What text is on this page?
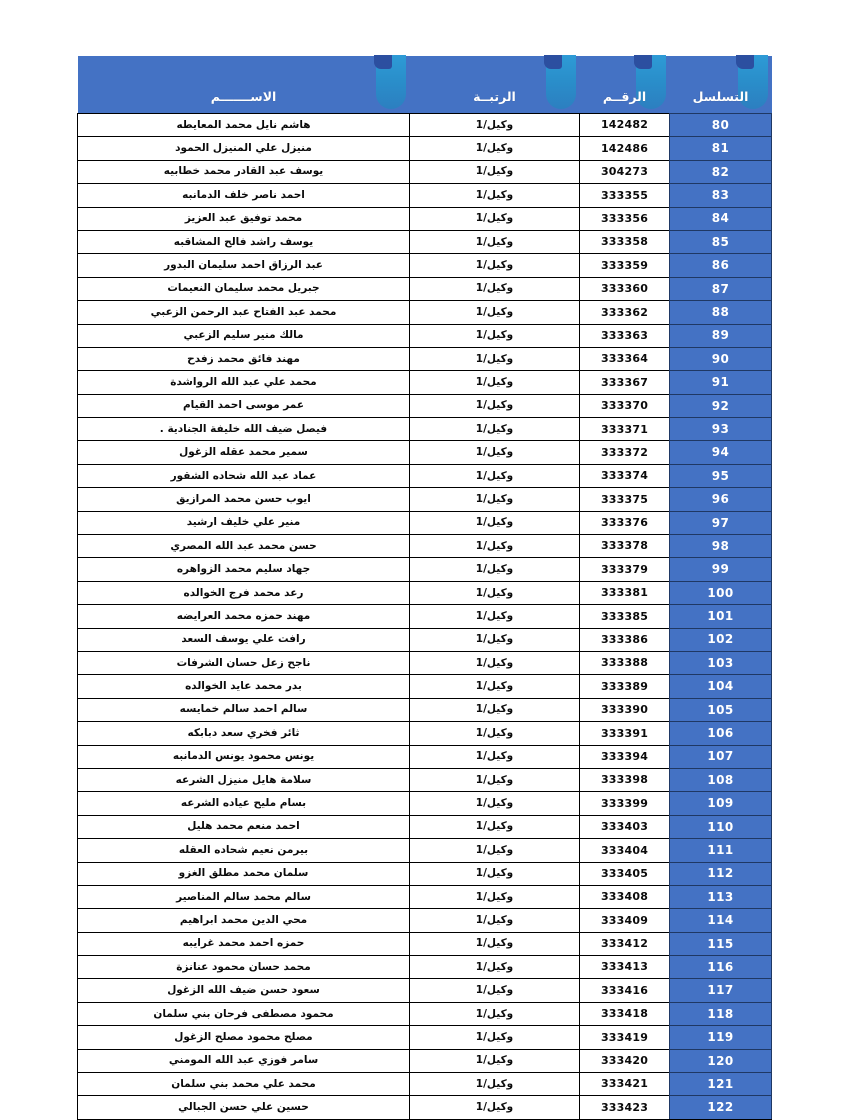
التسلسل	الرقــم	الرتبــة	الاســـــــم

80	142482	وكيل/1	هاشم نايل محمد المعايطه
81	142486	وكيل/1	منيزل علي المنيزل الحمود
82	304273	وكيل/1	يوسف عبد القادر محمد خطابيه
83	333355	وكيل/1	احمد ناصر خلف الدمانبه
84	333356	وكيل/1	محمد توفيق عبد العزيز
85	333358	وكيل/1	يوسف راشد فالح المشاقبه
86	333359	وكيل/1	عبد الرزاق احمد سليمان البدور
87	333360	وكيل/1	جبريل محمد سليمان النعيمات
88	333362	وكيل/1	محمد عبد الفتاح عبد الرحمن الزعبي
89	333363	وكيل/1	مالك منير سليم الزعبي
90	333364	وكيل/1	مهند فائق محمد زفدح
91	333367	وكيل/1	محمد علي عبد الله الرواشدة
92	333370	وكيل/1	عمر موسى احمد القيام
93	333371	وكيل/1	فيصل ضيف الله خليفة الجنادية .
94	333372	وكيل/1	سمير محمد عقله الزغول
95	333374	وكيل/1	عماد عبد الله شحاده الشقور
96	333375	وكيل/1	ايوب حسن محمد المرازيق
97	333376	وكيل/1	منير علي خليف ارشيد
98	333378	وكيل/1	حسن محمد عبد الله المصري
99	333379	وكيل/1	جهاد سليم محمد الزواهره
100	333381	وكيل/1	رعد محمد فرج الخوالده
101	333385	وكيل/1	مهند حمزه محمد العرايضه
102	333386	وكيل/1	رافت علي يوسف السعد
103	333388	وكيل/1	ناجح زعل حسان الشرفات
104	333389	وكيل/1	بدر محمد عايد الخوالده
105	333390	وكيل/1	سالم احمد سالم خمايسه
106	333391	وكيل/1	ثائر فخري سعد دبابكه
107	333394	وكيل/1	يونس محمود يونس الدمانبه
108	333398	وكيل/1	سلامة هايل منيزل الشرعه
109	333399	وكيل/1	بسام مليح عياده الشرعه
110	333403	وكيل/1	احمد منعم محمد هليل
111	333404	وكيل/1	بيرمن نعيم شحاده العقله
112	333405	وكيل/1	سلمان محمد مطلق الغزو
113	333408	وكيل/1	سالم محمد سالم المناصير
114	333409	وكيل/1	محي الدين محمد ابراهيم
115	333412	وكيل/1	حمزه احمد محمد غرايبه
116	333413	وكيل/1	محمد حسان محمود عنانزة
117	333416	وكيل/1	سعود حسن ضيف الله الزغول
118	333418	وكيل/1	محمود مصطفى فرحان بني سلمان
119	333419	وكيل/1	مصلح محمود مصلح الزغول
120	333420	وكيل/1	سامر فوزي عبد الله المومني
121	333421	وكيل/1	محمد علي محمد بني سلمان
122	333423	وكيل/1	حسين علي حسن الجبالي
